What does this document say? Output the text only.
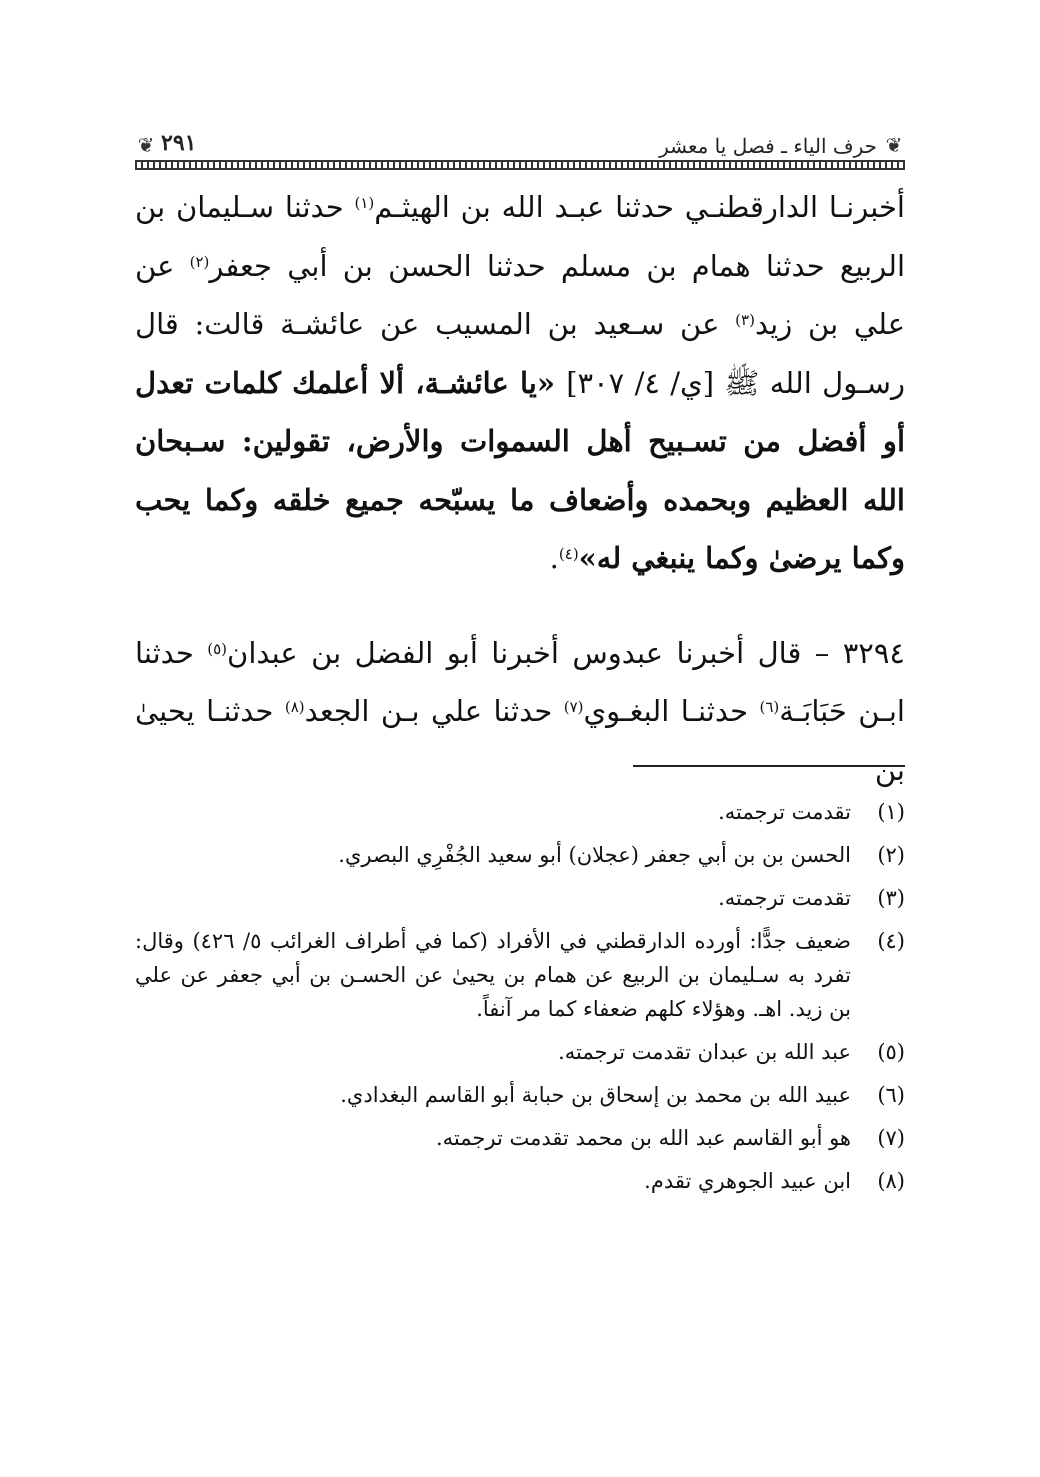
❦
حرف الياء ـ فصل يا معشر
٢٩١
❦

أخبرنـا الدارقطنـي حدثنا عبـد الله بن الهيثـم$^{(١)}$ حدثنا سـليمان بن الربيع حدثنا همام بن مسلم حدثنا الحسن بن أبي جعفر$^{(٢)}$ عن علي بن زيد$^{(٣)}$ عن سـعيد بن المسيب عن عائشـة قالت: قال رسـول الله ﷺ [ي/ ٤/ ٣٠٧] «يا عائشـة، ألا أعلمك كلمات تعدل أو أفضل من تسـبيح أهل السموات والأرض، تقولين: سـبحان الله العظيم وبحمده وأضعاف ما يسبّحه جميع خلقه وكما يحب وكما يرضىٰ وكما ينبغي له»$^{(٤)}$.

٣٢٩٤ – قال أخبرنا عبدوس أخبرنا أبو الفضل بن عبدان$^{(٥)}$ حدثنا ابـن حَبَابَـة$^{(٦)}$ حدثنـا البغـوي$^{(٧)}$ حدثنا علي بـن الجعد$^{(٨)}$ حدثنـا يحيىٰ بن

(١)
تقدمت ترجمته.
(٢)
الحسن بن بن أبي جعفر (عجلان) أبو سعيد الجُفْرِي البصري.
(٣)
تقدمت ترجمته.
(٤)
ضعيف جدًّا: أورده الدارقطني في الأفراد (كما في أطراف الغرائب ٥/ ٤٢٦) وقال: تفرد به سـليمان بن الربيع عن همام بن يحيىٰ عن الحسـن بن أبي جعفر عن علي بن زيد. اهـ. وهؤلاء كلهم ضعفاء كما مر آنفاً.
(٥)
عبد الله بن عبدان تقدمت ترجمته.
(٦)
عبيد الله بن محمد بن إسحاق بن حبابة أبو القاسم البغدادي.
(٧)
هو أبو القاسم عبد الله بن محمد تقدمت ترجمته.
(٨)
ابن عبيد الجوهري تقدم.
